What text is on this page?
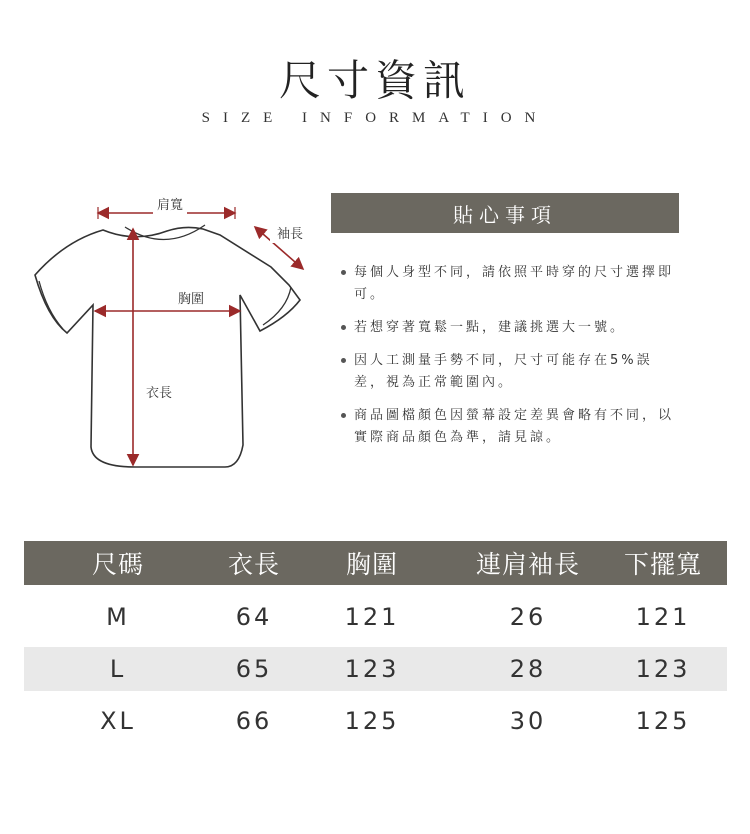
尺寸資訊
SIZE INFORMATION
肩寬
袖長
胸圍
衣長
貼心事項
每個人身型不同，請依照平時穿的尺寸選擇即可。
若想穿著寬鬆一點，建議挑選大一號。
因人工測量手勢不同，尺寸可能存在5%誤差，視為正常範圍內。
商品圖檔顏色因螢幕設定差異會略有不同，以實際商品顏色為準，請見諒。
尺碼	衣長	胸圍	連肩袖長	下擺寬
M	64	121	26	121
L	65	123	28	123
XL	66	125	30	125
